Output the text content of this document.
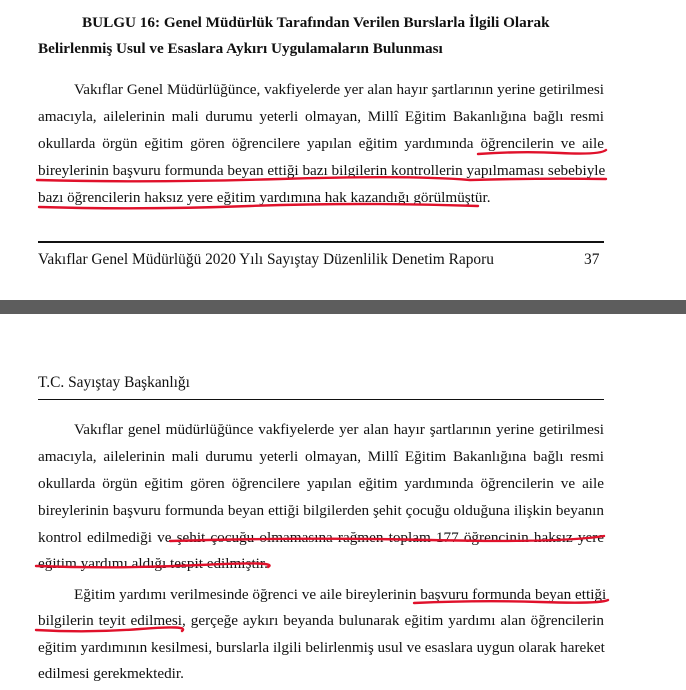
BULGU 16: Genel Müdürlük Tarafından Verilen Burslarla İlgili Olarak
Belirlenmiş Usul ve Esaslara Aykırı Uygulamaların Bulunması
Vakıflar Genel Müdürlüğünce, vakfiyelerde yer alan hayır şartlarının yerine getirilmesi
amacıyla, ailelerinin mali durumu yeterli olmayan, Millî Eğitim Bakanlığına bağlı resmi
okullarda örgün eğitim gören öğrencilere yapılan eğitim yardımında öğrencilerin ve aile
bireylerinin başvuru formunda beyan ettiği bazı bilgilerin kontrollerin yapılmaması sebebiyle
bazı öğrencilerin haksız yere eğitim yardımına hak kazandığı görülmüştür.
Vakıflar Genel Müdürlüğü 2020 Yılı Sayıştay Düzenlilik Denetim Raporu	37
T.C. Sayıştay Başkanlığı
Vakıflar genel müdürlüğünce vakfiyelerde yer alan hayır şartlarının yerine getirilmesi
amacıyla, ailelerinin mali durumu yeterli olmayan, Millî Eğitim Bakanlığına bağlı resmi
okullarda örgün eğitim gören öğrencilere yapılan eğitim yardımında öğrencilerin ve aile
bireylerinin başvuru formunda beyan ettiği bilgilerden şehit çocuğu olduğuna ilişkin beyanın
kontrol edilmediği ve şehit çocuğu olmamasına rağmen toplam 177 öğrencinin haksız yere
eğitim yardımı aldığı tespit edilmiştir.
Eğitim yardımı verilmesinde öğrenci ve aile bireylerinin başvuru formunda beyan ettiği
bilgilerin teyit edilmesi, gerçeğe aykırı beyanda bulunarak eğitim yardımı alan öğrencilerin
eğitim yardımının kesilmesi, burslarla ilgili belirlenmiş usul ve esaslara uygun olarak hareket
edilmesi gerekmektedir.
